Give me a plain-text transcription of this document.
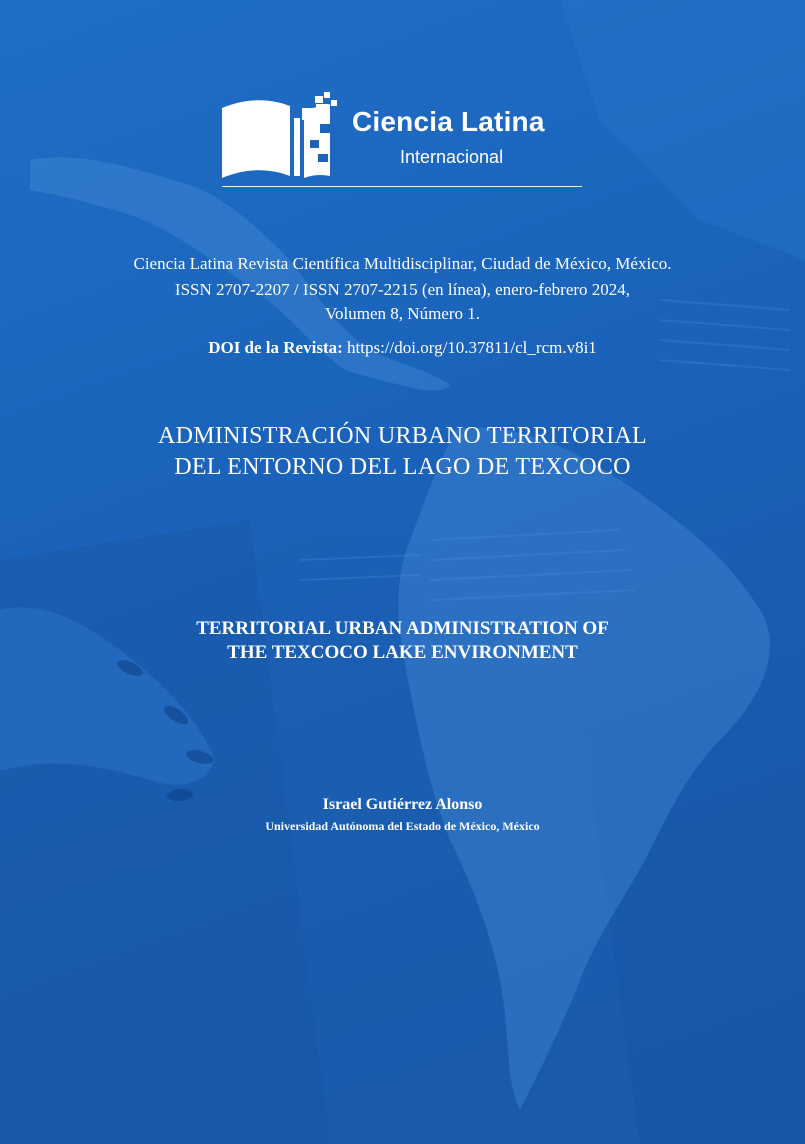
Ciencia Latina
Internacional
Ciencia Latina Revista Científica Multidisciplinar, Ciudad de México, México.
ISSN 2707-2207 / ISSN 2707-2215 (en línea), enero-febrero 2024,
Volumen 8, Número 1.
DOI de la Revista: https://doi.org/10.37811/cl_rcm.v8i1
ADMINISTRACIÓN URBANO TERRITORIAL
DEL ENTORNO DEL LAGO DE TEXCOCO
TERRITORIAL URBAN ADMINISTRATION OF
THE TEXCOCO LAKE ENVIRONMENT
Israel Gutiérrez Alonso
Universidad Autónoma del Estado de México, México
